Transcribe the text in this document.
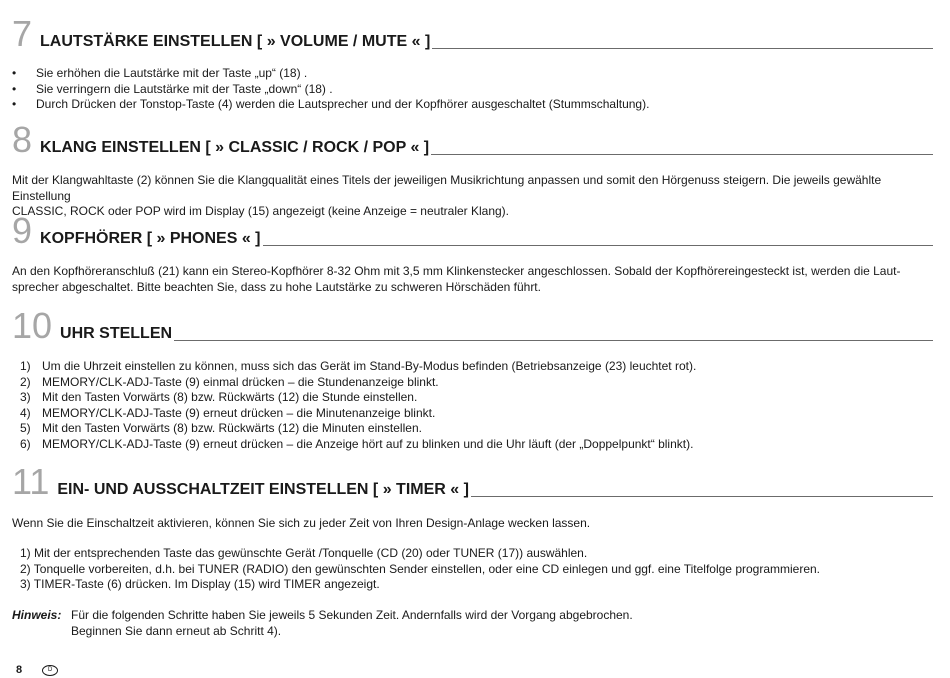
7 LAUTSTÄRKE EINSTELLEN [ » VOLUME / MUTE « ]
•	Sie erhöhen die Lautstärke mit der Taste „up“ (18) .
•	Sie verringern die Lautstärke mit der Taste „down“ (18) .
•	Durch Drücken der Tonstop-Taste (4) werden die Lautsprecher und der Kopfhörer ausgeschaltet (Stummschaltung).
8 KLANG EINSTELLEN [ » CLASSIC / ROCK / POP « ]
Mit der Klangwahltaste (2) können Sie die Klangqualität eines Titels der jeweiligen Musikrichtung anpassen und somit den Hörgenuss steigern. Die jeweils gewählte Einstellung
CLASSIC, ROCK oder POP wird im Display (15) angezeigt (keine Anzeige = neutraler Klang).
9 KOPFHÖRER [ » PHONES « ]
An den Kopfhöreranschluß (21) kann ein Stereo-Kopfhörer 8-32 Ohm mit 3,5 mm Klinkenstecker angeschlossen. Sobald der Kopfhörereingesteckt ist, werden die Laut-
sprecher abgeschaltet. Bitte beachten Sie, dass zu hohe Lautstärke zu schweren Hörschäden führt.
10 UHR STELLEN
1) Um die Uhrzeit einstellen zu können, muss sich das Gerät im Stand-By-Modus befinden (Betriebsanzeige (23) leuchtet rot).
2) MEMORY/CLK-ADJ-Taste (9) einmal drücken – die Stundenanzeige blinkt.
3) Mit den Tasten Vorwärts (8) bzw. Rückwärts (12) die Stunde einstellen.
4) MEMORY/CLK-ADJ-Taste (9) erneut drücken – die Minutenanzeige blinkt.
5) Mit den Tasten Vorwärts (8) bzw. Rückwärts (12) die Minuten einstellen.
6) MEMORY/CLK-ADJ-Taste (9) erneut drücken – die Anzeige hört auf zu blinken und die Uhr läuft (der „Doppelpunkt“ blinkt).
11 EIN- UND AUSSCHALTZEIT EINSTELLEN [ » TIMER « ]
Wenn Sie die Einschaltzeit aktivieren, können Sie sich zu jeder Zeit von Ihren Design-Anlage wecken lassen.
1) Mit der entsprechenden Taste das gewünschte Gerät /Tonquelle (CD (20) oder TUNER (17)) auswählen.
2) Tonquelle vorbereiten, d.h. bei TUNER (RADIO) den gewünschten Sender einstellen, oder eine CD einlegen und ggf. eine Titelfolge programmieren.
3) TIMER-Taste (6) drücken. Im Display (15) wird TIMER angezeigt.
Hinweis: Für die folgenden Schritte haben Sie jeweils 5 Sekunden Zeit. Andernfalls wird der Vorgang abgebrochen.
Beginnen Sie dann erneut ab Schritt 4).
8	D
